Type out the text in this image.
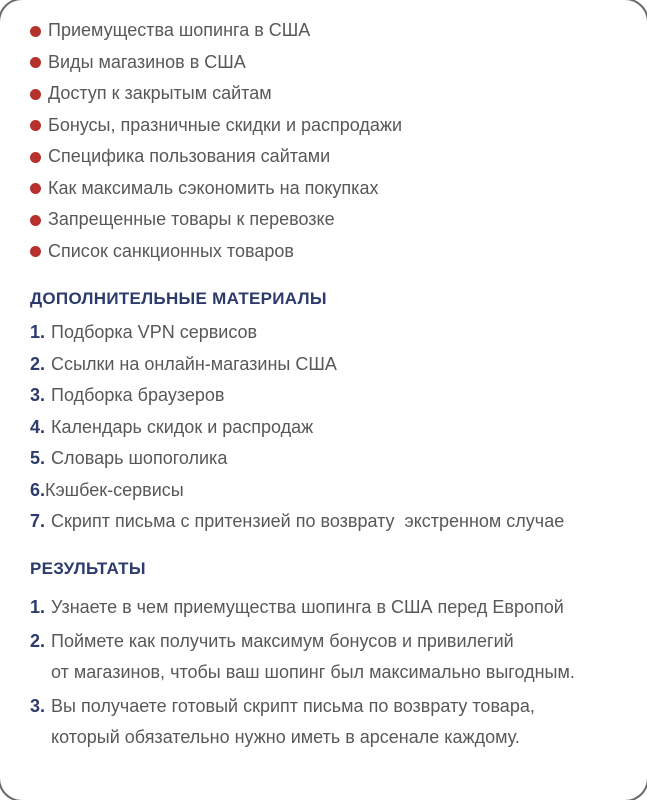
Приемущества шопинга в США
Виды магазинов в США
Доступ к закрытым сайтам
Бонусы, празничные скидки и распродажи
Специфика пользования сайтами
Как максималь сэкономить на покупках
Запрещенные товары к перевозке
Список санкционных товаров
ДОПОЛНИТЕЛЬНЫЕ МАТЕРИАЛЫ
1. Подборка VPN сервисов
2. Ссылки на онлайн-магазины США
3. Подборка браузеров
4. Календарь скидок и распродаж
5. Словарь шопоголика
6.Кэшбек-сервисы
7. Скрипт письма с притензией по возврату  экстренном случае
РЕЗУЛЬТАТЫ
1. Узнаете в чем приемущества шопинга в США перед Европой
2. Поймете как получить максимум бонусов и привилегий
от магазинов, чтобы ваш шопинг был максимально выгодным.
3. Вы получаете готовый скрипт письма по возврату товара,
который обязательно нужно иметь в арсенале каждому.
